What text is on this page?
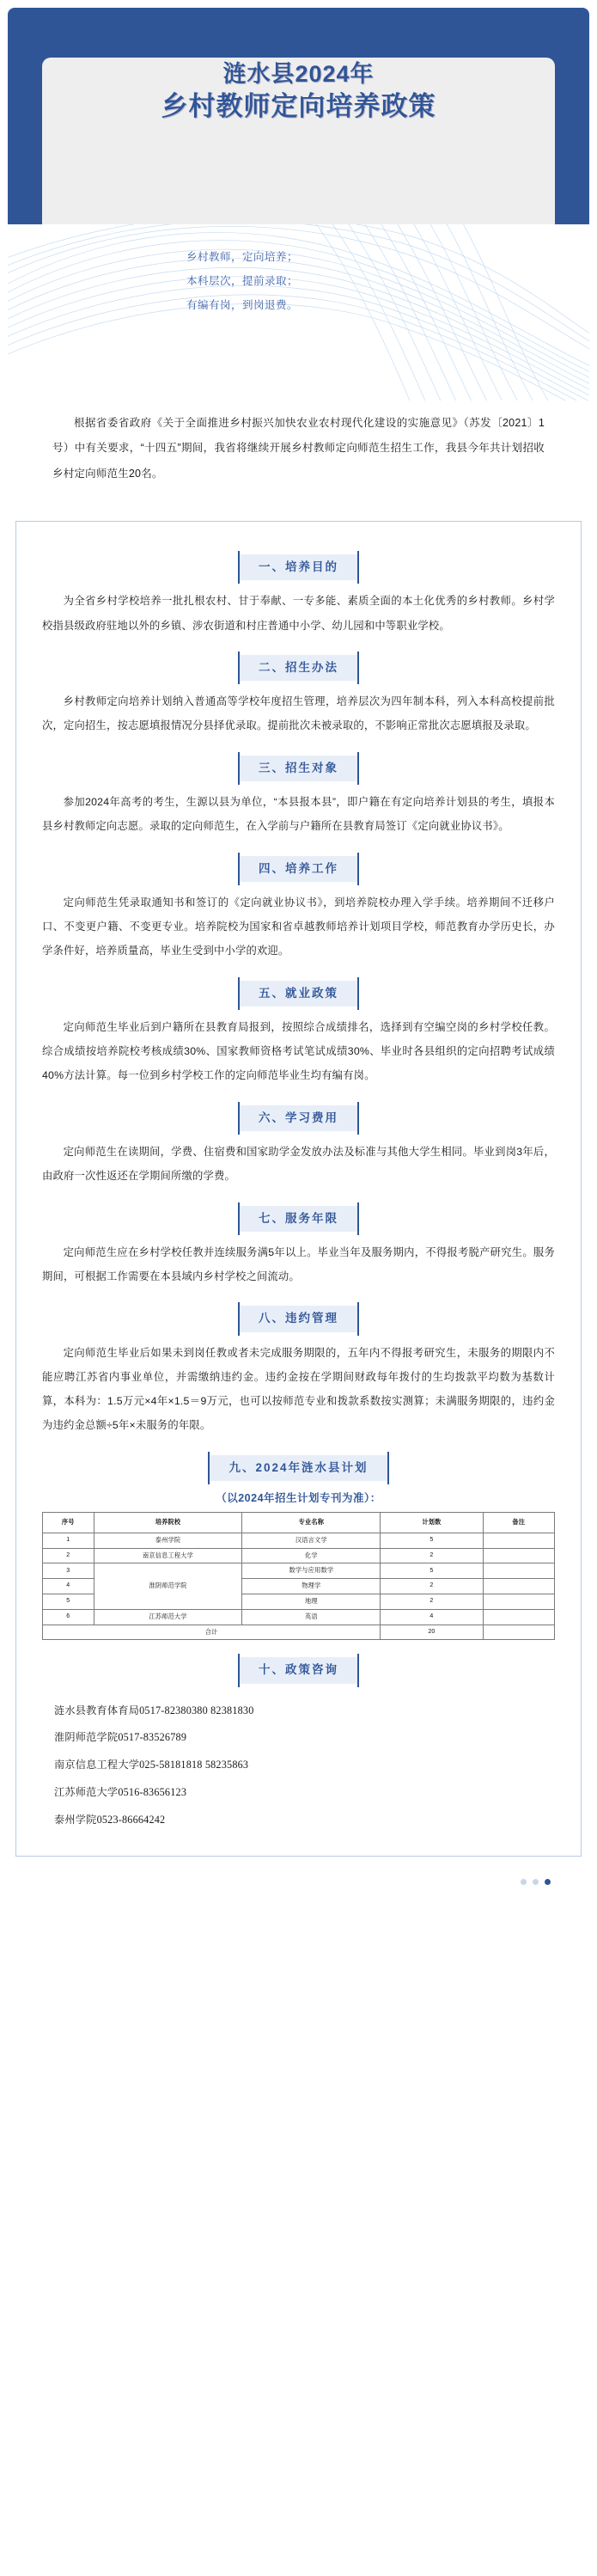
涟水县2024年
乡村教师定向培养政策
乡村教师，定向培养；
本科层次，提前录取；
有编有岗，到岗退费。

根据省委省政府《关于全面推进乡村振兴加快农业农村现代化建设的实施意见》（苏发〔2021〕1号）中有关要求，“十四五”期间，我省将继续开展乡村教师定向师范生招生工作，我县今年共计划招收乡村定向师范生20名。

一、培养目的

为全省乡村学校培养一批扎根农村、甘于奉献、一专多能、素质全面的本土化优秀的乡村教师。乡村学校指县级政府驻地以外的乡镇、涉农街道和村庄普通中小学、幼儿园和中等职业学校。

二、招生办法

乡村教师定向培养计划纳入普通高等学校年度招生管理，培养层次为四年制本科，列入本科高校提前批次，定向招生，按志愿填报情况分县择优录取。提前批次未被录取的，不影响正常批次志愿填报及录取。

三、招生对象

参加2024年高考的考生，生源以县为单位，“本县报本县”，即户籍在有定向培养计划县的考生，填报本县乡村教师定向志愿。录取的定向师范生，在入学前与户籍所在县教育局签订《定向就业协议书》。

四、培养工作

定向师范生凭录取通知书和签订的《定向就业协议书》，到培养院校办理入学手续。培养期间不迁移户口、不变更户籍、不变更专业。培养院校为国家和省卓越教师培养计划项目学校，师范教育办学历史长，办学条件好，培养质量高，毕业生受到中小学的欢迎。

五、就业政策

定向师范生毕业后到户籍所在县教育局报到，按照综合成绩排名，选择到有空编空岗的乡村学校任教。综合成绩按培养院校考核成绩30%、国家教师资格考试笔试成绩30%、毕业时各县组织的定向招聘考试成绩40%方法计算。每一位到乡村学校工作的定向师范毕业生均有编有岗。

六、学习费用

定向师范生在读期间，学费、住宿费和国家助学金发放办法及标准与其他大学生相同。毕业到岗3年后，由政府一次性返还在学期间所缴的学费。

七、服务年限

定向师范生应在乡村学校任教并连续服务满5年以上。毕业当年及服务期内，不得报考脱产研究生。服务期间，可根据工作需要在本县域内乡村学校之间流动。

八、违约管理

定向师范生毕业后如果未到岗任教或者未完成服务期限的，五年内不得报考研究生，未服务的期限内不能应聘江苏省内事业单位，并需缴纳违约金。违约金按在学期间财政每年拨付的生均拨款平均数为基数计算，本科为：1.5万元×4年×1.5＝9万元，也可以按师范专业和拨款系数按实测算；未满服务期限的，违约金为违约金总额÷5年×未服务的年限。

九、2024年涟水县计划
（以2024年招生计划专刊为准）：
序号	培养院校	专业名称	计划数	备注
1	泰州学院	汉语言文学	5	
2	南京信息工程大学	化学	2	
3	淮阴师范学院	数学与应用数学	5	
4		物理学	2	
5		地理	2	
6	江苏师范大学	英语	4	
合计			20	
十、政策咨询
涟水县教育体育局0517-82380380 82381830
淮阴师范学院0517-83526789
南京信息工程大学025-58181818 58235863
江苏师范大学0516-83656123
泰州学院0523-86664242
